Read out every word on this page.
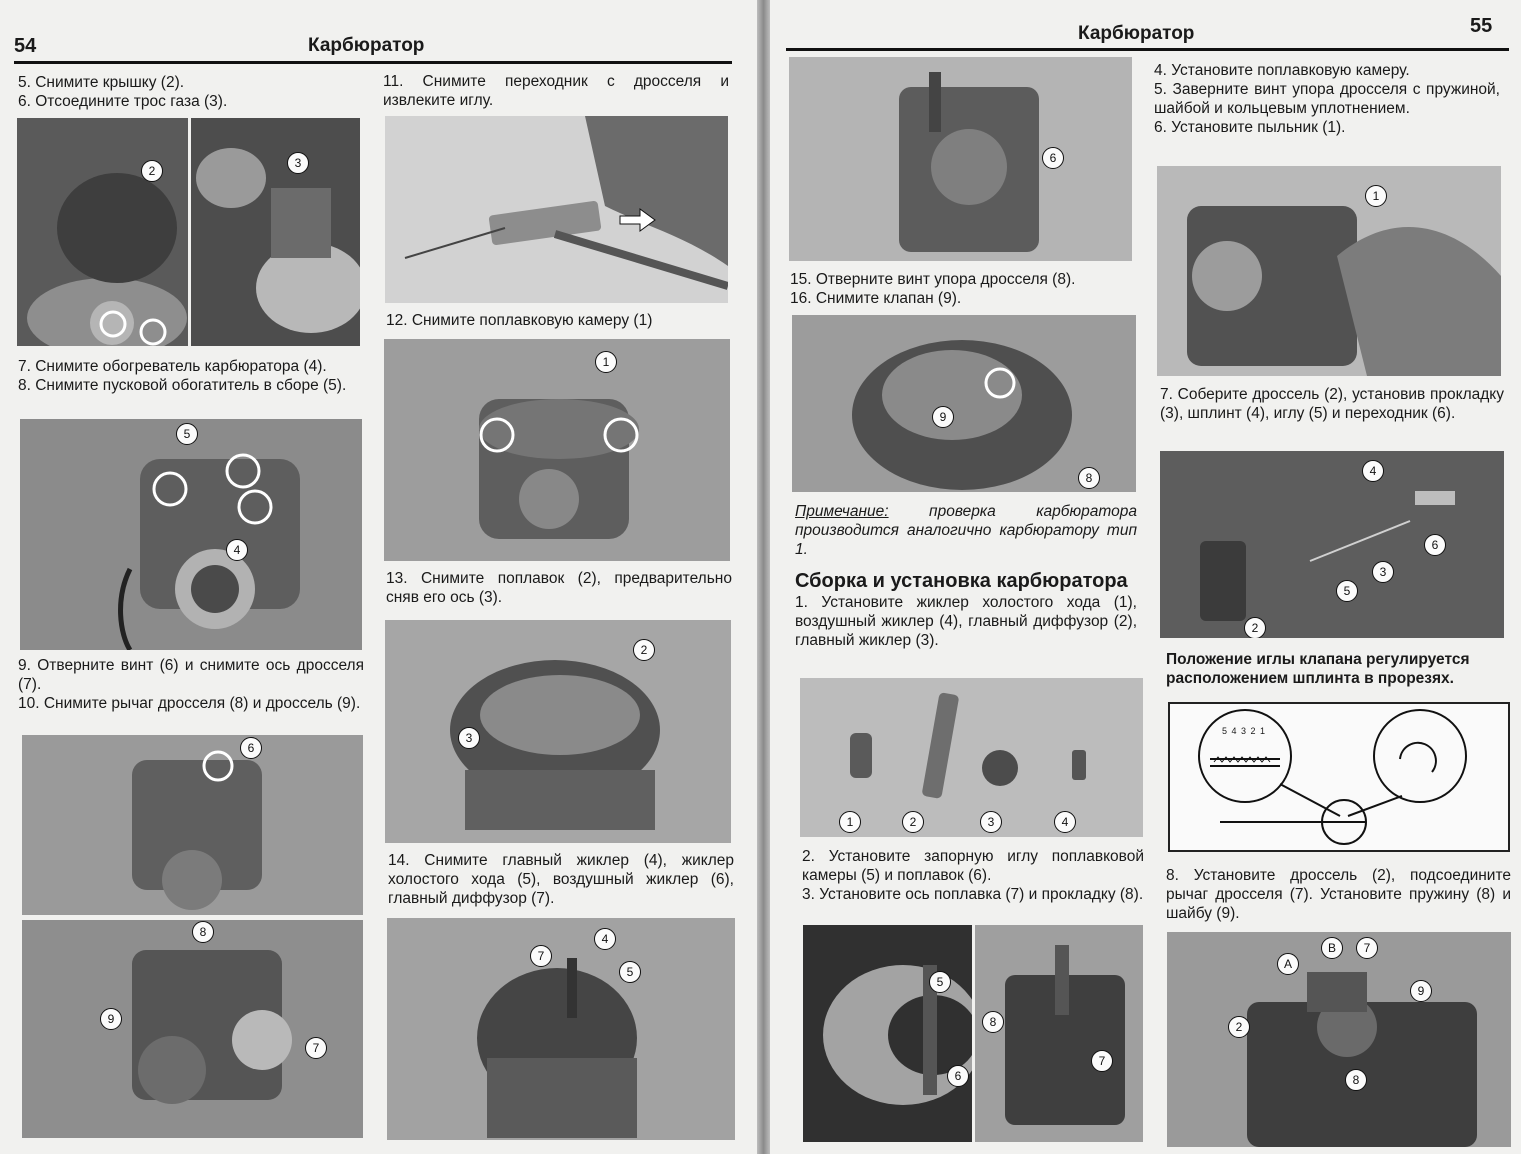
54	Карбюратор

5. Снимите крышку (2).

6. Отсоедините трос газа (3).

2
3

7. Снимите обогреватель карбюратора (4).

8. Снимите пусковой обогатитель в сборе (5).

5
4

9. Отверните винт (6) и снимите ось дросселя (7).

10. Снимите рычаг дросселя (8) и дроссель (9).

6
8
9
7

11. Снимите переходник с дросселя и извлеките иглу.

12. Снимите поплавковую камеру (1)

1

13. Снимите поплавок (2), предварительно сняв его ось (3).

2
3

14. Снимите главный жиклер (4), жиклер холостого хода (5), воздушный жиклер (6), главный диффузор (7).

7
4
5
Карбюратор	55
6

15. Отверните винт упора дросселя (8).

16. Снимите клапан (9).

9
8

Примечание: проверка карбюратора производится аналогично карбюратору тип 1.

Сборка и установка карбюратора

1. Установите жиклер холостого хода (1), воздушный жиклер (4), главный диффузор (2), главный жиклер (3).

1	2	3	4

2. Установите запорную иглу поплавковой камеры (5) и поплавок (6).

3. Установите ось поплавка (7) и прокладку (8).

5
6
8
7

4. Установите поплавковую камеру.

5. Заверните винт упора дросселя с пружиной, шайбой и кольцевым уплотнением.

6. Установите пыльник (1).

1

7. Соберите дроссель (2), установив прокладку (3), шплинт (4), иглу (5) и переходник (6).

4
6
5
3
2

Положение иглы клапана регулируется расположением шплинта в прорезях.

5 4 3 2 1

8. Установите дроссель (2), подсоедините рычаг дросселя (7). Установите пружину (8) и шайбу (9).

A
B	7
9
2
8
